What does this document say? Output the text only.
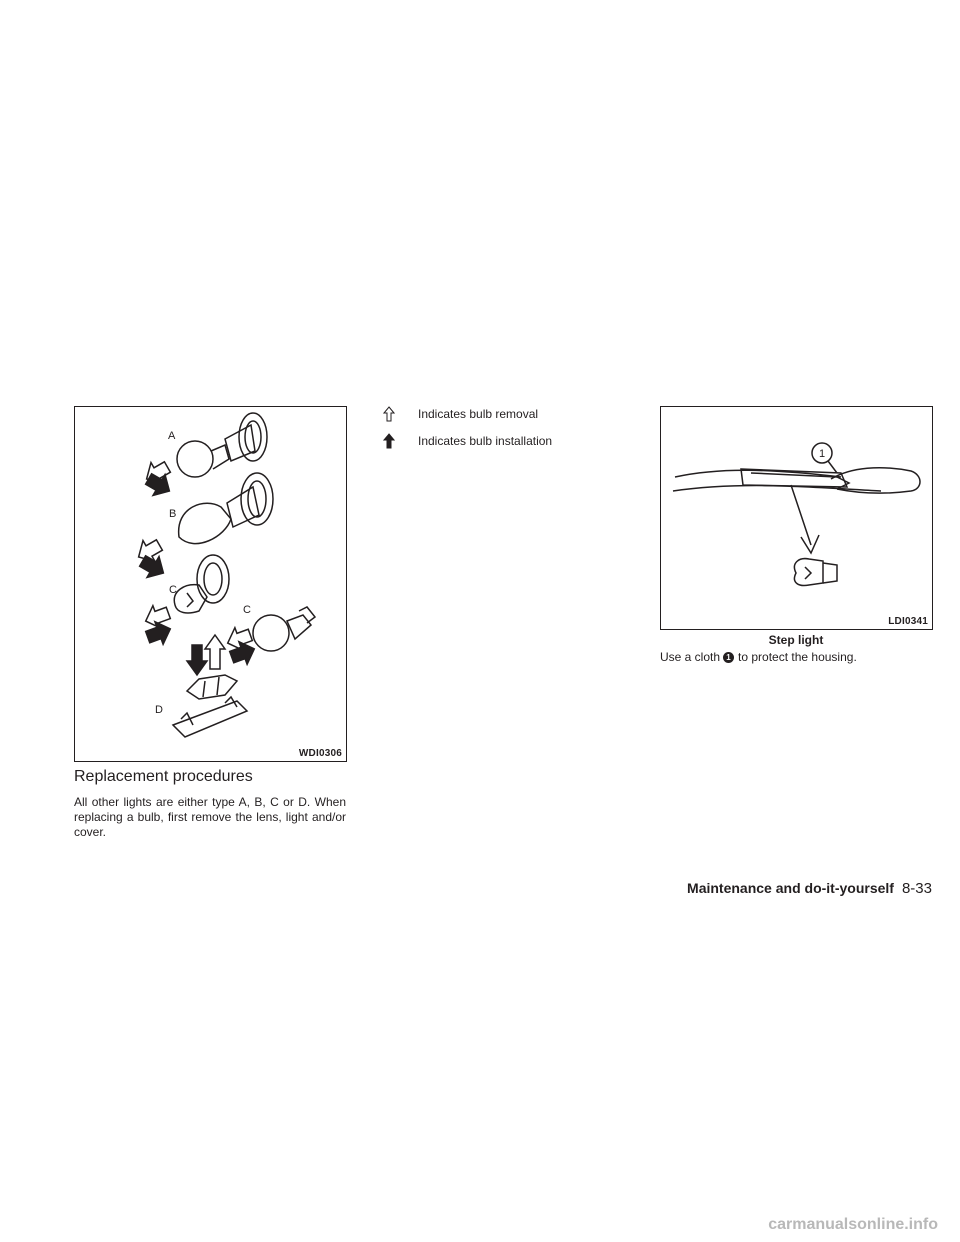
A
B
C
C
D
WDI0306
Replacement procedures
All other lights are either type A, B, C or D. When replacing a bulb, first remove the lens, light and/or cover.
Indicates bulb removal
Indicates bulb installation
1
LDI0341
Step light
Use a cloth 1 to protect the housing.
Maintenance and do-it-yourself 8-33
carmanualsonline.info
